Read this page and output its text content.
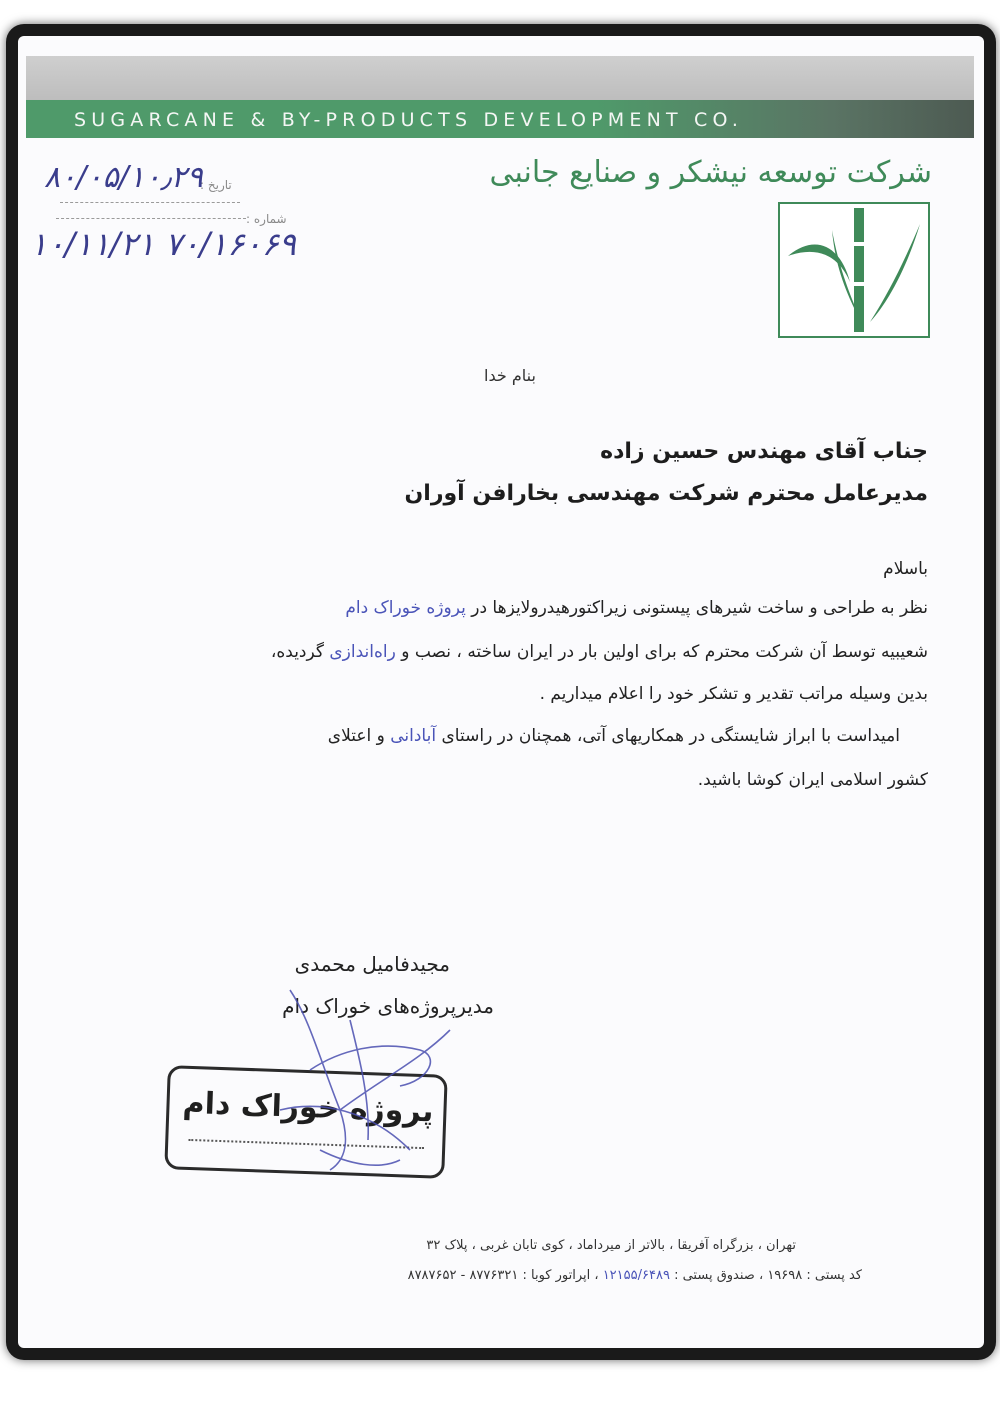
SUGARCANE & BY-PRODUCTS DEVELOPMENT CO.
شرکت توسعه نیشکر و صنایع جانبی
تاریخ :
شماره :
۸۰/۰۵/۱۰٫۲۹
۱۰/۱۱/۲۱ ۷۰/۱۶۰۶۹
بنام خدا
جناب آقای مهندس حسین زاده
مدیرعامل محترم شرکت مهندسی بخارافن آوران
باسلام
نظر به طراحی و ساخت شیرهای پیستونی زیراکتورهیدرولایزها در پروژه خوراک دام
شعیبیه توسط آن شرکت محترم که برای اولین بار در ایران ساخته ، نصب و راه‌اندازی گردیده،
بدین وسیله مراتب تقدیر و تشکر خود را اعلام میداریم .
امیداست با ابراز شایستگی در همکاریهای آتی، همچنان در راستای آبادانی و اعتلای
کشور اسلامی ایران کوشا باشید.
مجیدفامیل محمدی
مدیرپروژه‌های خوراک دام
پروژه خوراک دام
تهران ، بزرگراه آفریقا ، بالاتر از میرداماد ، کوی تابان غربی ، پلاک ۳۲
کد پستی : ۱۹۶۹۸ ، صندوق پستی : ۱۲۱۵۵/۶۴۸۹ ، اپراتور کوبا : ۸۷۷۶۳۲۱ - ۸۷۸۷۶۵۲
